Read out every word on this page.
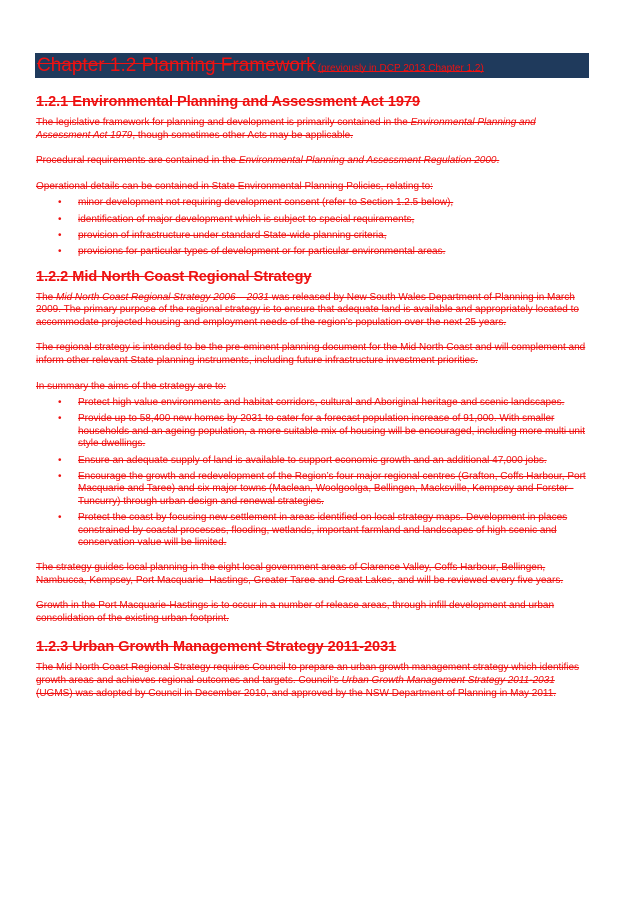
Chapter 1.2 Planning Framework (previously in DCP 2013 Chapter 1.2)
1.2.1 Environmental Planning and Assessment Act 1979

The legislative framework for planning and development is primarily contained in the Environmental Planning and Assessment Act 1979, though sometimes other Acts may be applicable.

Procedural requirements are contained in the Environmental Planning and Assessment Regulation 2000.

Operational details can be contained in State Environmental Planning Policies, relating to:

• minor development not requiring development consent (refer to Section 1.2.5 below),
• identification of major development which is subject to special requirements,
• provision of infrastructure under standard State-wide planning criteria,
• provisions for particular types of development or for particular environmental areas.
1.2.2 Mid North Coast Regional Strategy

The Mid North Coast Regional Strategy 2006 – 2031 was released by New South Wales Department of Planning in March 2009. The primary purpose of the regional strategy is to ensure that adequate land is available and appropriately located to accommodate projected housing and employment needs of the region’s population over the next 25 years.

The regional strategy is intended to be the pre-eminent planning document for the Mid North Coast and will complement and inform other relevant State planning instruments, including future infrastructure investment priorities.

In summary the aims of the strategy are to:

• Protect high value environments and habitat corridors, cultural and Aboriginal heritage and scenic landscapes.
• Provide up to 58,400 new homes by 2031 to cater for a forecast population increase of 91,000. With smaller households and an ageing population, a more suitable mix of housing will be encouraged, including more multi unit style dwellings.
• Ensure an adequate supply of land is available to support economic growth and an additional 47,000 jobs.
• Encourage the growth and redevelopment of the Region’s four major regional centres (Grafton, Coffs Harbour, Port Macquarie and Taree) and six major towns (Maclean, Woolgoolga, Bellingen, Macksville, Kempsey and Forster–Tuncurry) through urban design and renewal strategies.
• Protect the coast by focusing new settlement in areas identified on local strategy maps. Development in places constrained by coastal processes, flooding, wetlands, important farmland and landscapes of high scenic and conservation value will be limited.

The strategy guides local planning in the eight local government areas of Clarence Valley, Coffs Harbour, Bellingen, Nambucca, Kempsey, Port Macquarie–Hastings, Greater Taree and Great Lakes, and will be reviewed every five years.

Growth in the Port Macquarie-Hastings is to occur in a number of release areas, through infill development and urban consolidation of the existing urban footprint.

1.2.3 Urban Growth Management Strategy 2011-2031

The Mid North Coast Regional Strategy requires Council to prepare an urban growth management strategy which identifies growth areas and achieves regional outcomes and targets. Council’s Urban Growth Management Strategy 2011-2031 (UGMS) was adopted by Council in December 2010, and approved by the NSW Department of Planning in May 2011.
